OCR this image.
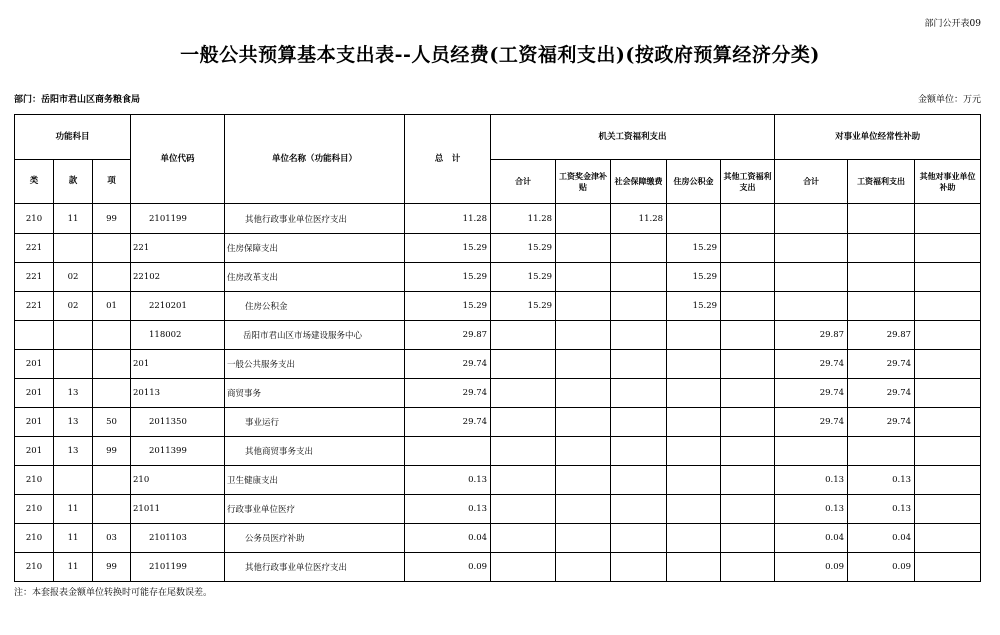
部门公开表09
一般公共预算基本支出表--人员经费(工资福利支出)(按政府预算经济分类)
部门：岳阳市君山区商务粮食局	金额单位：万元
功能科目			单位代码	单位名称（功能科目）	总　计	机关工资福利支出					对事业单位经常性补助		
类	款	项				合计	工资奖金津补贴	社会保障缴费	住房公积金	其他工资福利支出	合计	工资福利支出	其他对事业单位补助
210	11	99	2101199	其他行政事业单位医疗支出	11.28	11.28		11.28					
221			221	住房保障支出	15.29	15.29			15.29				
221	02		22102	住房改革支出	15.29	15.29			15.29				
221	02	01	2210201	住房公积金	15.29	15.29			15.29				
			118002	岳阳市君山区市场建设服务中心	29.87						29.87	29.87	
201			201	一般公共服务支出	29.74						29.74	29.74	
201	13		20113	商贸事务	29.74						29.74	29.74	
201	13	50	2011350	事业运行	29.74						29.74	29.74	
201	13	99	2011399	其他商贸事务支出									
210			210	卫生健康支出	0.13						0.13	0.13	
210	11		21011	行政事业单位医疗	0.13						0.13	0.13	
210	11	03	2101103	公务员医疗补助	0.04						0.04	0.04	
210	11	99	2101199	其他行政事业单位医疗支出	0.09						0.09	0.09	
注：本套报表金额单位转换时可能存在尾数误差。
